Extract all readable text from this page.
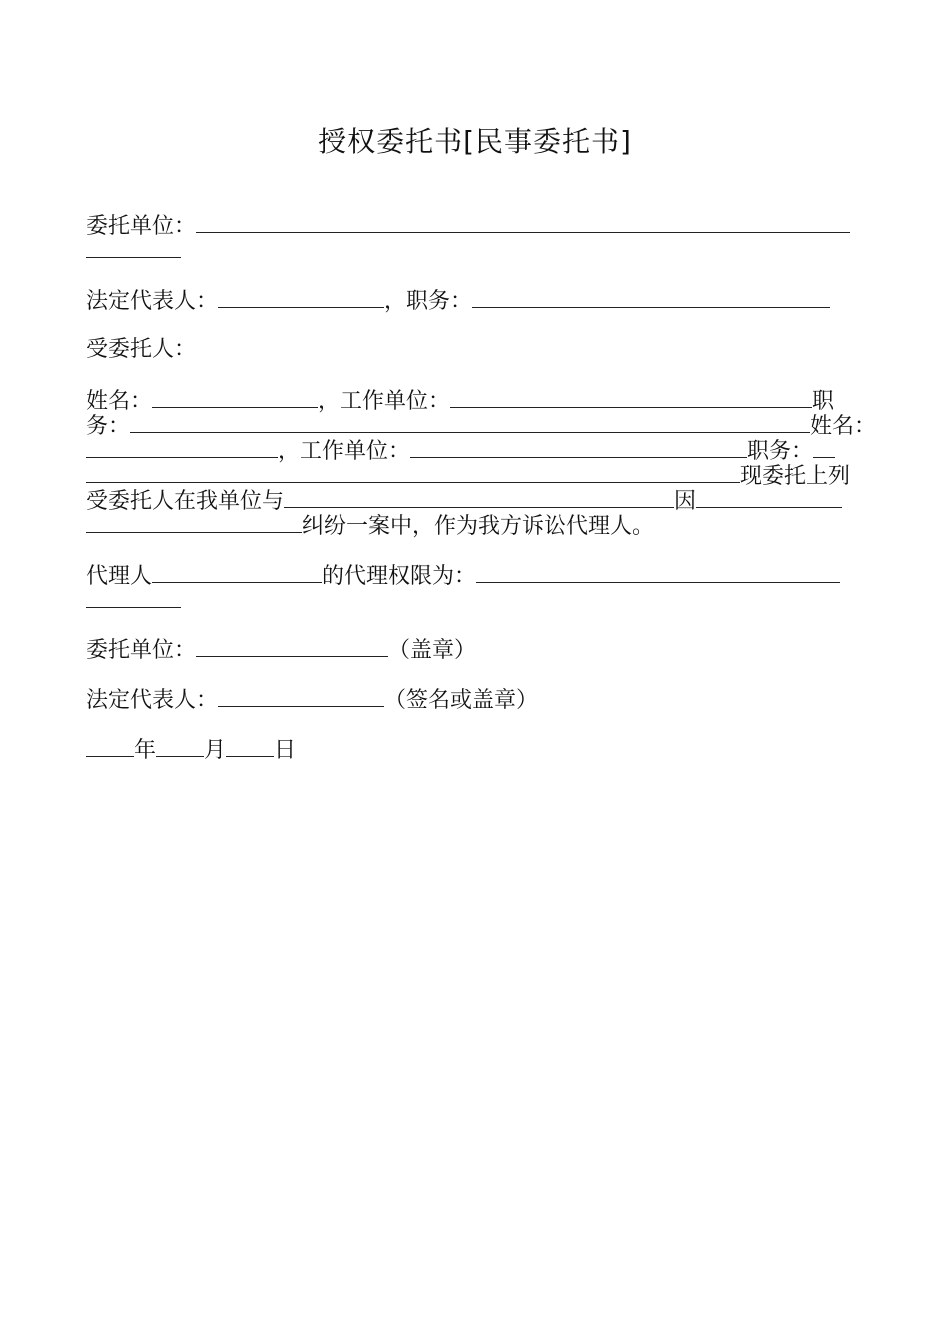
授权委托书[民事委托书]
委托单位：
法定代表人：	，职务：
受委托人：
姓名：	，工作单位：	职
务：	姓名：
，工作单位：	职务：
现委托上列
受委托人在我单位与	因
纠纷一案中，作为我方诉讼代理人。
代理人	的代理权限为：
委托单位：	（盖章）
法定代表人：	（签名或盖章）
年 月 日
